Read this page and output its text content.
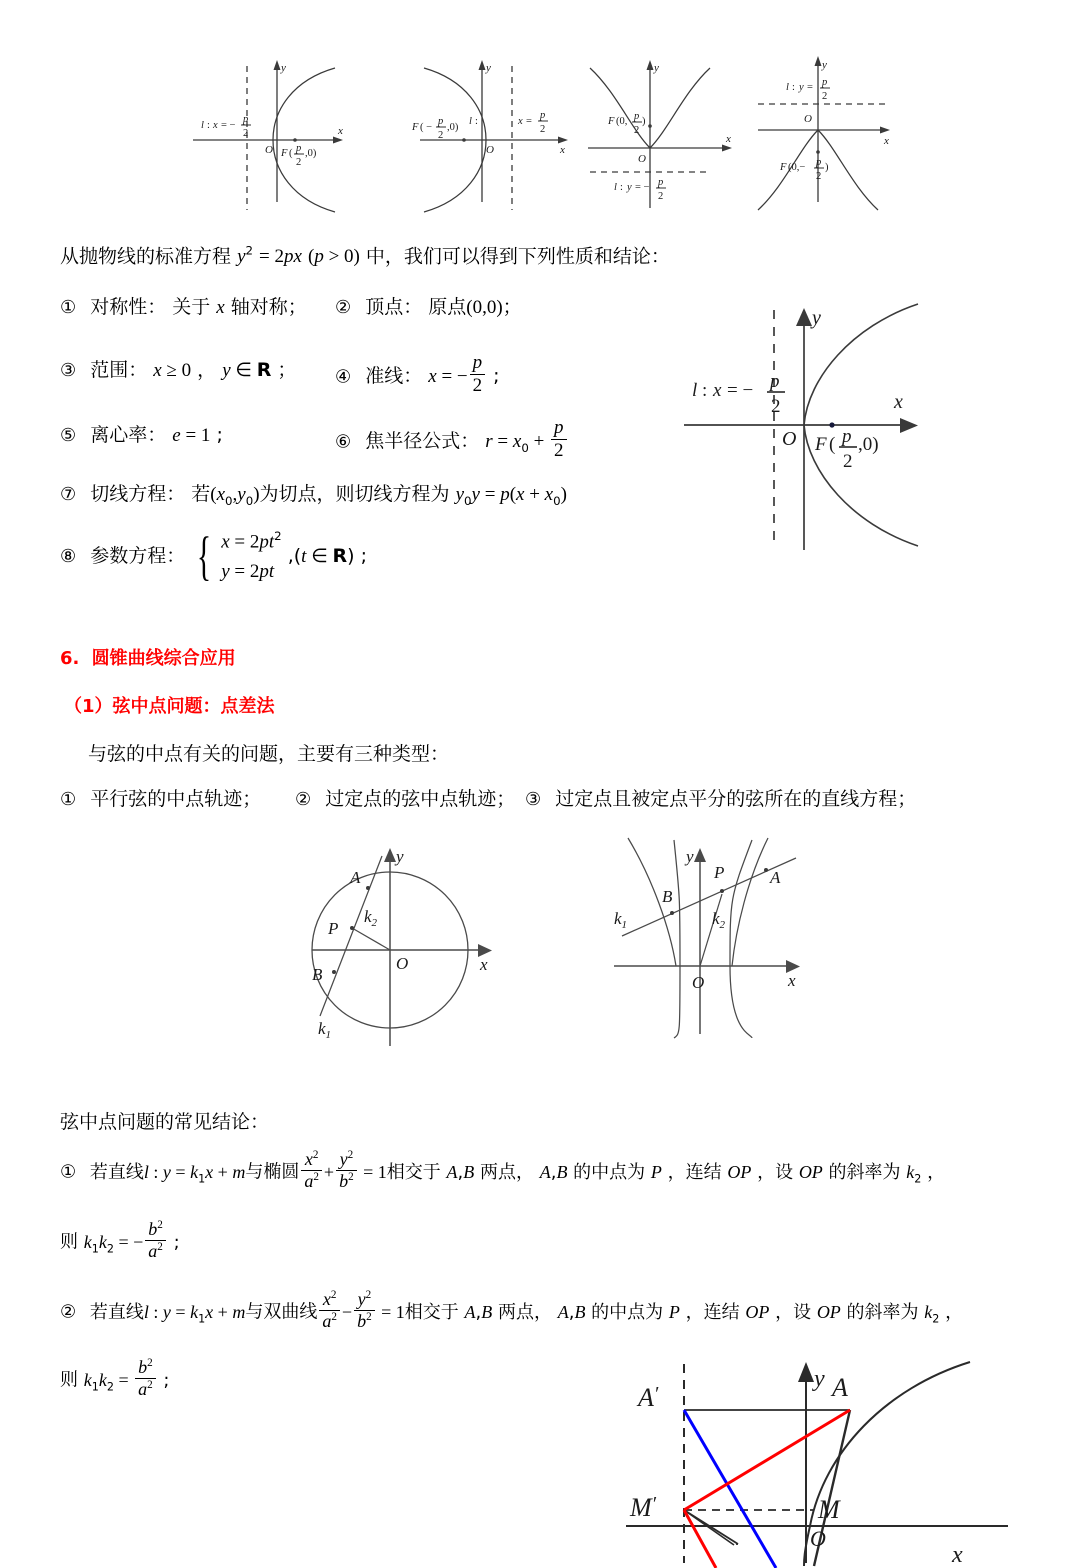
x
y
O
l : x = −
p
2
F ( p
2
,0)	x
y
O
F ( −
p
2
,0)
l :	x =
p
2
x
y
O
F (0, p
2
)
l : y = − p
2
x
y
O
l : y = p
2
F (0,− p
2
)
从抛物线的标准方程 $y^2 = 2px$ (p > 0) 中，我们可以得到下列性质和结论：
① 对称性： 关于 x 轴对称； ② 顶点： 原点(0,0)；
③ 范围： x ≥ 0 ， y ∈ R ； ④ 准线： x = − $\frac{p}{2}$ ;
⑤ 离心率： e = 1 ;	⑥ 焦半径公式： $r = x_0 + \frac{p}{2}$
⑦ 切线方程： 若$(x_0,y_0)$为切点，则切线方程为 $y_0y = p(x + x_0)$
⑧ 参数方程： { $x = 2pt^2$
y = 2pt
,(t ∈ R) ;
x
y
O
l : x = − p
2
F ( p
2
,0)
6. 圆锥曲线综合应用
（1）弦中点问题：点差法
与弦的中点有关的问题，主要有三种类型：
① 平行弦的中点轨迹； ② 过定点的弦中点轨迹； ③ 过定点且被定点平分的弦所在的直线方程；
x
y
O
A
P
B
$k_1$
$k_2$
x
y
O
A
B
P
$k_1$	$k_2$
弦中点问题的常见结论：
① 若直线l : $y = k_1x + m$与椭圆 $\frac{x^2}{a^2} + \frac{y^2}{b^2} = 1$相交于 A,B 两点， A,B 的中点为 P ，连结 OP ，设 OP 的斜率为 $k_2$ ，
则 $k_1k_2$ = − $\frac{b^2}{a^2}$ ;
② 若直线l : $y = k_1x + m$与双曲线 $\frac{x^2}{a^2} - \frac{y^2}{b^2} = 1$相交于 A,B 两点， A,B 的中点为 P ，连结 OP ，设 OP 的斜率为 $k_2$ ，
则 $k_1k_2 = \frac{b^2}{a^2}$ ;	y A
A′
M
M′
O
x
